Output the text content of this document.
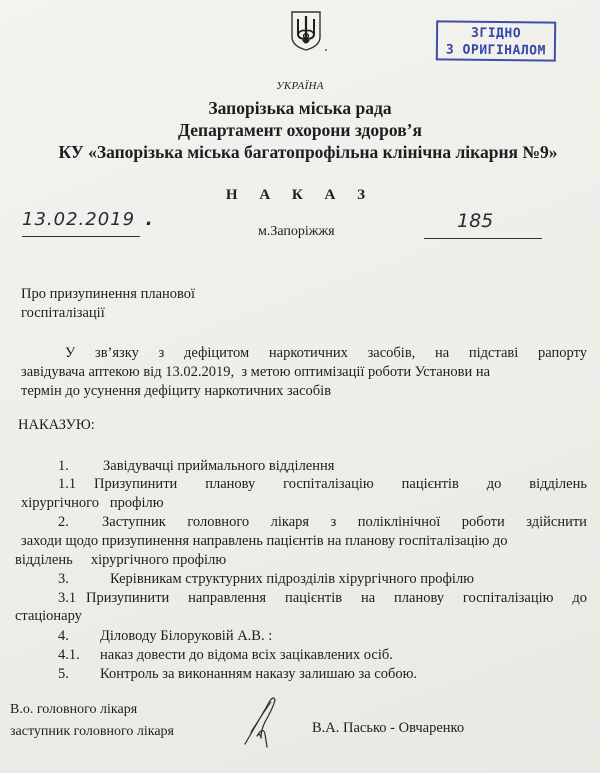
ЗГІДНО
З ОРИГІНАЛОМ
УКРАЇНА
Запорізька міська рада
Департамент охорони здоров’я
КУ «Запорізька міська багатопрофільна клінічна лікарня №9»
Н А К А З
13.02.2019 .
м.Запоріжжя	185
Про призупинення планової
госпіталізації
У зв’язку з дефіцитом наркотичних засобів, на підставі рапорту
завідувача аптекою від 13.02.2019,  з метою оптимізації роботи Установи на
термін до усунення дефіциту наркотичних засобів
НАКАЗУЮ:
1. Завідувачці приймального відділення
1.1 Призупинити планову госпіталізацію пацієнтів до відділень
хірургічного   профілю
2. Заступник головного лікаря з поліклінічної роботи здійснити
заходи щодо призупинення направлень пацієнтів на планову госпіталізацію до
відділень     хірургічного профілю
3.	Керівникам структурних підрозділів хірургічного профілю
3.1 Призупинити направлення пацієнтів на планову госпіталізацію до
стаціонару
4. Діловоду Білоруковій А.В. :
4.1. наказ довести до відома всіх зацікавлених осіб.
5. Контроль за виконанням наказу залишаю за собою.
В.о. головного лікаря
заступник головного лікаря	В.А. Пасько - Овчаренко
